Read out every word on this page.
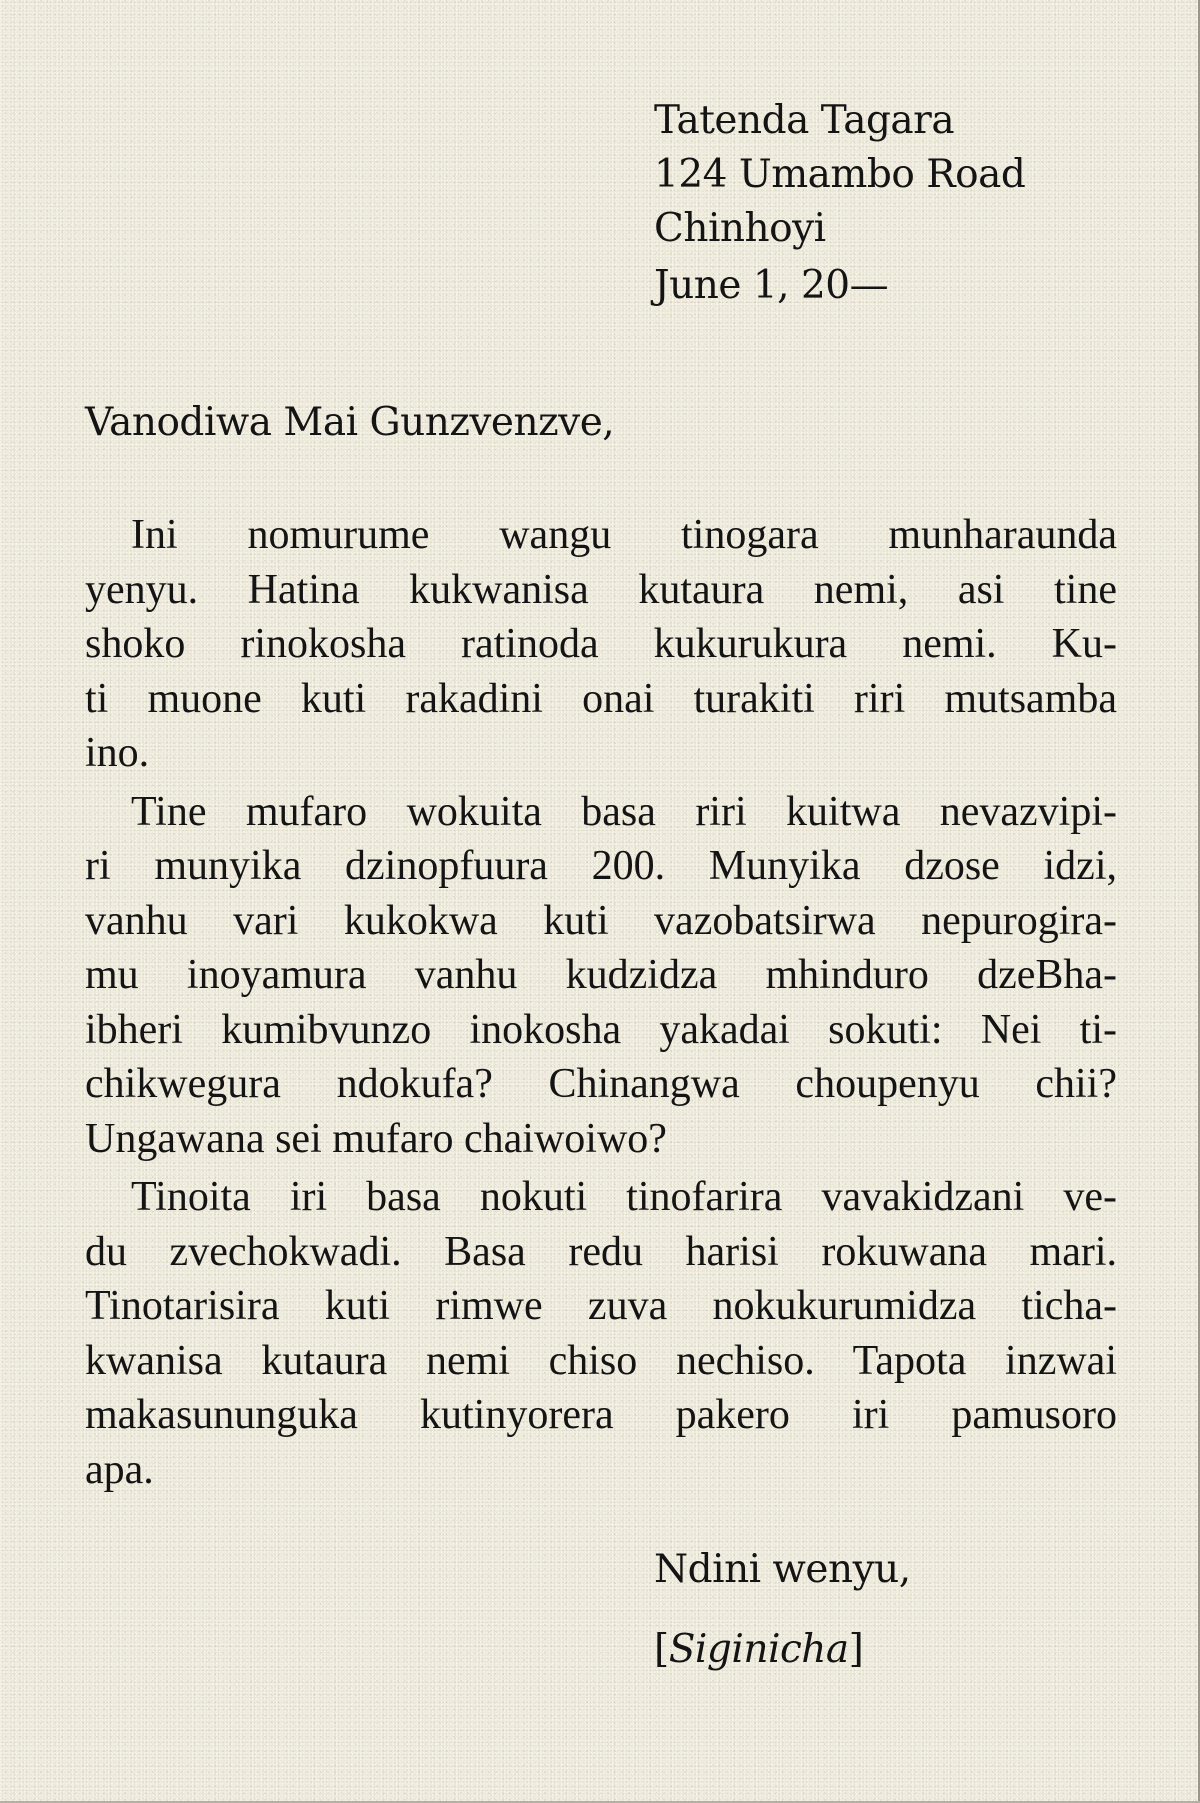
Tatenda Tagara
124 Umambo Road
Chinhoyi
June 1, 20—
Vanodiwa Mai Gunzvenzve,
Ini nomurume wangu tinogara munharaunda
yenyu. Hatina kukwanisa kutaura nemi, asi tine
shoko rinokosha ratinoda kukurukura nemi. Ku-
ti muone kuti rakadini onai turakiti riri mutsamba
ino.
Tine mufaro wokuita basa riri kuitwa nevazvipi-
ri munyika dzinopfuura 200. Munyika dzose idzi,
vanhu vari kukokwa kuti vazobatsirwa nepurogira-
mu inoyamura vanhu kudzidza mhinduro dzeBha-
ibheri kumibvunzo inokosha yakadai sokuti: Nei ti-
chikwegura ndokufa? Chinangwa choupenyu chii?
Ungawana sei mufaro chaiwoiwo?
Tinoita iri basa nokuti tinofarira vavakidzani ve-
du zvechokwadi. Basa redu harisi rokuwana mari.
Tinotarisira kuti rimwe zuva nokukurumidza ticha-
kwanisa kutaura nemi chiso nechiso. Tapota inzwai
makasununguka kutinyorera pakero iri pamusoro
apa.
Ndini wenyu,
[Siginicha]
